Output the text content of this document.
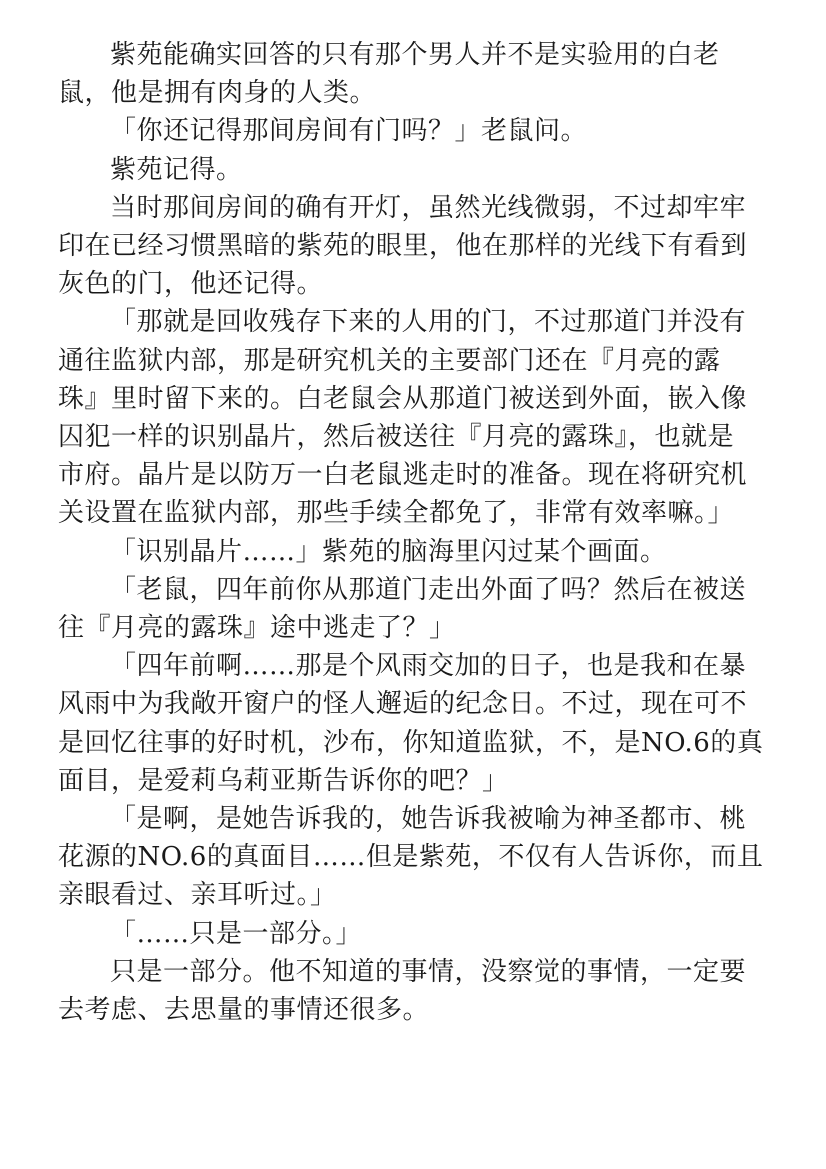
紫苑能确实回答的只有那个男人并不是实验用的白老
鼠，他是拥有肉身的人类。

「你还记得那间房间有门吗？」老鼠问。

紫苑记得。

当时那间房间的确有开灯，虽然光线微弱，不过却牢牢
印在已经习惯黑暗的紫苑的眼里，他在那样的光线下有看到
灰色的门，他还记得。

「那就是回收残存下来的人用的门，不过那道门并没有
通往监狱内部，那是研究机关的主要部门还在『月亮的露
珠』里时留下来的。白老鼠会从那道门被送到外面，嵌入像
囚犯一样的识别晶片，然后被送往『月亮的露珠』，也就是
市府。晶片是以防万一白老鼠逃走时的准备。现在将研究机
关设置在监狱内部，那些手续全都免了，非常有效率嘛。」

「识别晶片……」紫苑的脑海里闪过某个画面。

「老鼠，四年前你从那道门走出外面了吗？然后在被送
往『月亮的露珠』途中逃走了？」

「四年前啊……那是个风雨交加的日子，也是我和在暴
风雨中为我敞开窗户的怪人邂逅的纪念日。不过，现在可不
是回忆往事的好时机，沙布，你知道监狱，不，是NO.6的真
面目，是爱莉乌莉亚斯告诉你的吧？」

「是啊，是她告诉我的，她告诉我被喻为神圣都市、桃
花源的NO.6的真面目……但是紫苑，不仅有人告诉你，而且
亲眼看过、亲耳听过。」

「……只是一部分。」

只是一部分。他不知道的事情，没察觉的事情，一定要
去考虑、去思量的事情还很多。
